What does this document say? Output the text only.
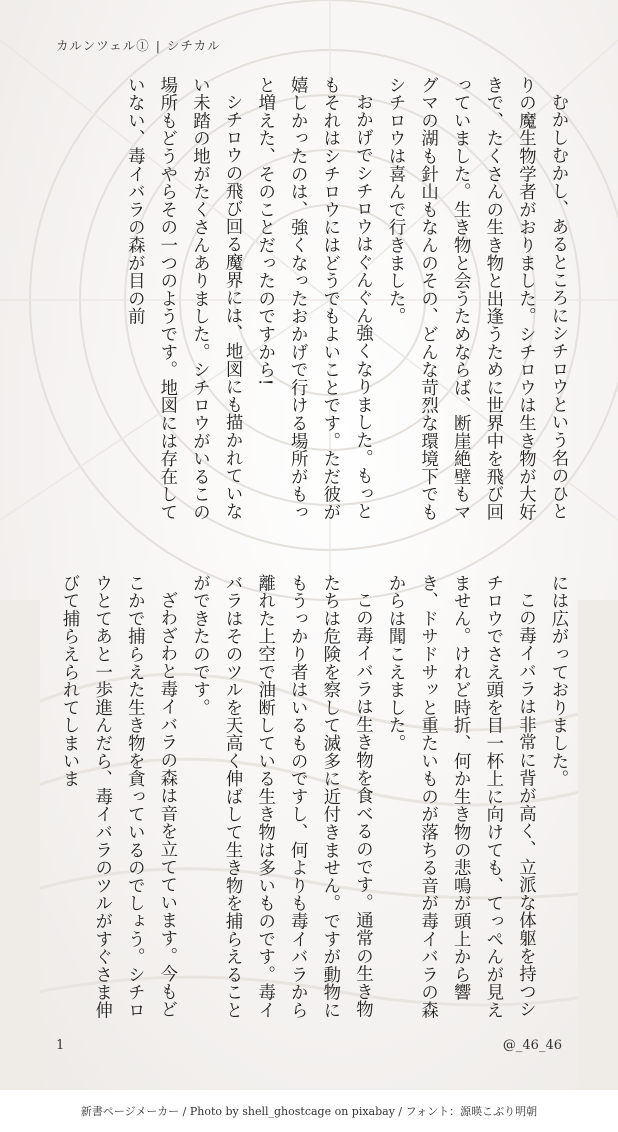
カルンツェル① | シチカル

むかしむかし、あるところにシチロウという名のひとりの魔生物学者がおりました。シチロウは生き物が大好きで、たくさんの生き物と出逢うために世界中を飛び回っていました。生き物と会うためならば、断崖絶壁もマグマの湖も針山もなんのその、どんな苛烈な環境下でもシチロウは喜んで行きました。

おかげでシチロウはぐんぐん強くなりました。もっともそれはシチロウにはどうでもよいことです。ただ彼が嬉しかったのは、強くなったおかげで行ける場所がもっと増えた、そのことだったのですから!

シチロウの飛び回る魔界には、地図にも描かれていない未踏の地がたくさんありました。シチロウがいるこの場所もどうやらその一つのようです。地図には存在していない、毒イバラの森が目の前

には広がっておりました。

この毒イバラは非常に背が高く、立派な体躯を持つシチロウでさえ頭を目一杯上に向けても、てっぺんが見えません。けれど時折、何か生き物の悲鳴が頭上から響き、ドサドサッと重たいものが落ちる音が毒イバラの森からは聞こえました。

この毒イバラは生き物を食べるのです。通常の生き物たちは危険を察して滅多に近付きません。ですが動物にもうっかり者はいるものですし、何よりも毒イバラから離れた上空で油断している生き物は多いものです。毒イバラはそのツルを天高く伸ばして生き物を捕らえることができたのです。

ざわざわと毒イバラの森は音を立てています。今もどこかで捕らえた生き物を貪っているのでしょう。シチロウとてあと一歩進んだら、毒イバラのツルがすぐさま伸びて捕らえられてしまいま

1	@_46_46
新書ページメーカー / Photo by shell_ghostcage on pixabay / フォント：源暎こぶり明朝
